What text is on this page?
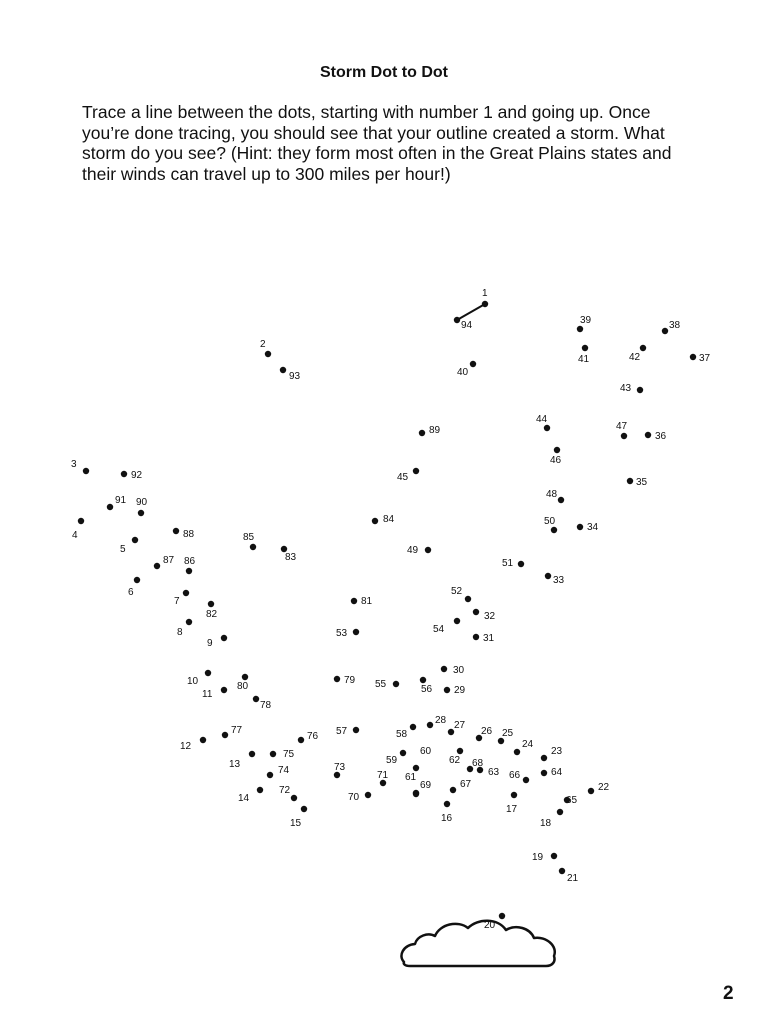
Storm Dot to Dot
Trace a line between the dots, starting with number 1 and going up. Once you’re done tracing, you should see that your outline created a storm. What storm do you see? (Hint: they form most often in the Great Plains states and their winds can travel up to 300 miles per hour!)
1
2
3
4
5
6
7
8
9
10
11
12
13
14
15	16
17
18
19
20
21
22
23
24
25
26
27
28
29
30
31
32
33
34
35
36
37
38
39
40
41	42
43
44
45
46
47
48
49
50
51
52
53	54
55	56
57	58
59
60
61
62
63	64
65
66
67
68
69
70
71
72
73
74
75
76
77
78
79
80
81
82
83
84
85
86
87
88
89
90
91
92
93
94
2
